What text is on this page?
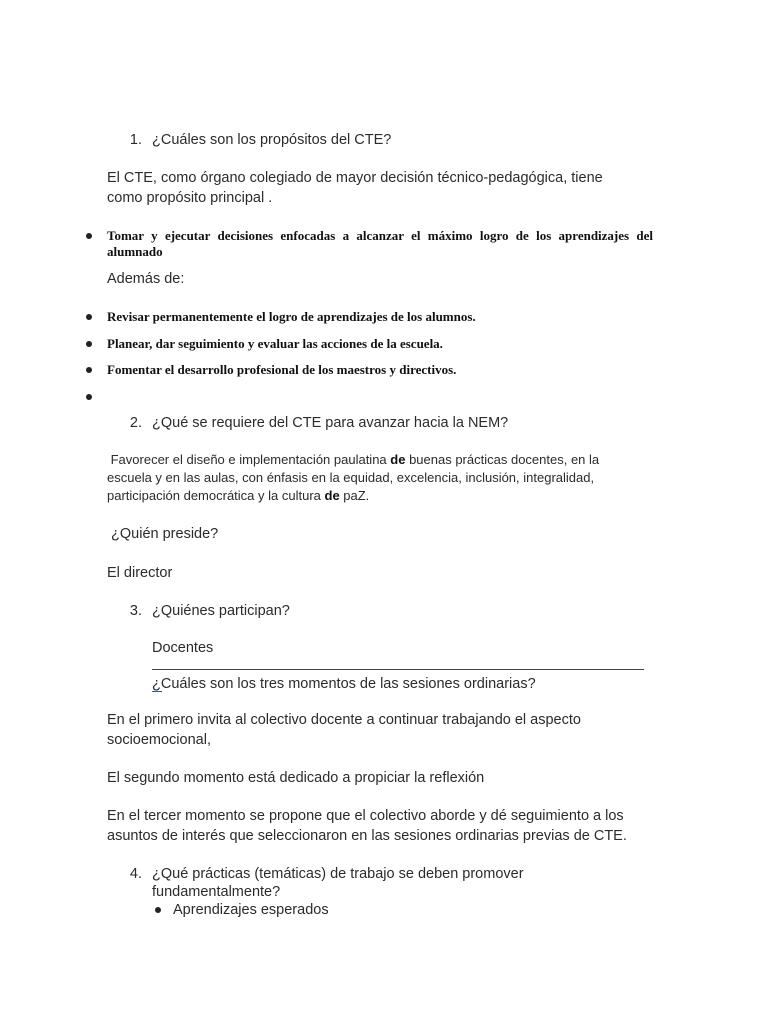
1. ¿Cuáles son los propósitos del CTE?
El CTE, como órgano colegiado de mayor decisión técnico-pedagógica, tiene
como propósito principal .
Tomar y ejecutar decisiones enfocadas a alcanzar el máximo logro de los aprendizajes del
alumnado
Además de:
Revisar permanentemente el logro de aprendizajes de los alumnos.
Planear, dar seguimiento y evaluar las acciones de la escuela.
Fomentar el desarrollo profesional de los maestros y directivos.
2. ¿Qué se requiere del CTE para avanzar hacia la NEM?
Favorecer el diseño e implementación paulatina de buenas prácticas docentes, en la
escuela y en las aulas, con énfasis en la equidad, excelencia, inclusión, integralidad,
participación democrática y la cultura de paZ.
¿Quién preside?
El director
3. ¿Quiénes participan?
Docentes
¿Cuáles son los tres momentos de las sesiones ordinarias?
En el primero invita al colectivo docente a continuar trabajando el aspecto
socioemocional,
El segundo momento está dedicado a propiciar la reflexión
En el tercer momento se propone que el colectivo aborde y dé seguimiento a los
asuntos de interés que seleccionaron en las sesiones ordinarias previas de CTE.
4. ¿Qué prácticas (temáticas) de trabajo se deben promover
fundamentalmente?
Aprendizajes esperados
